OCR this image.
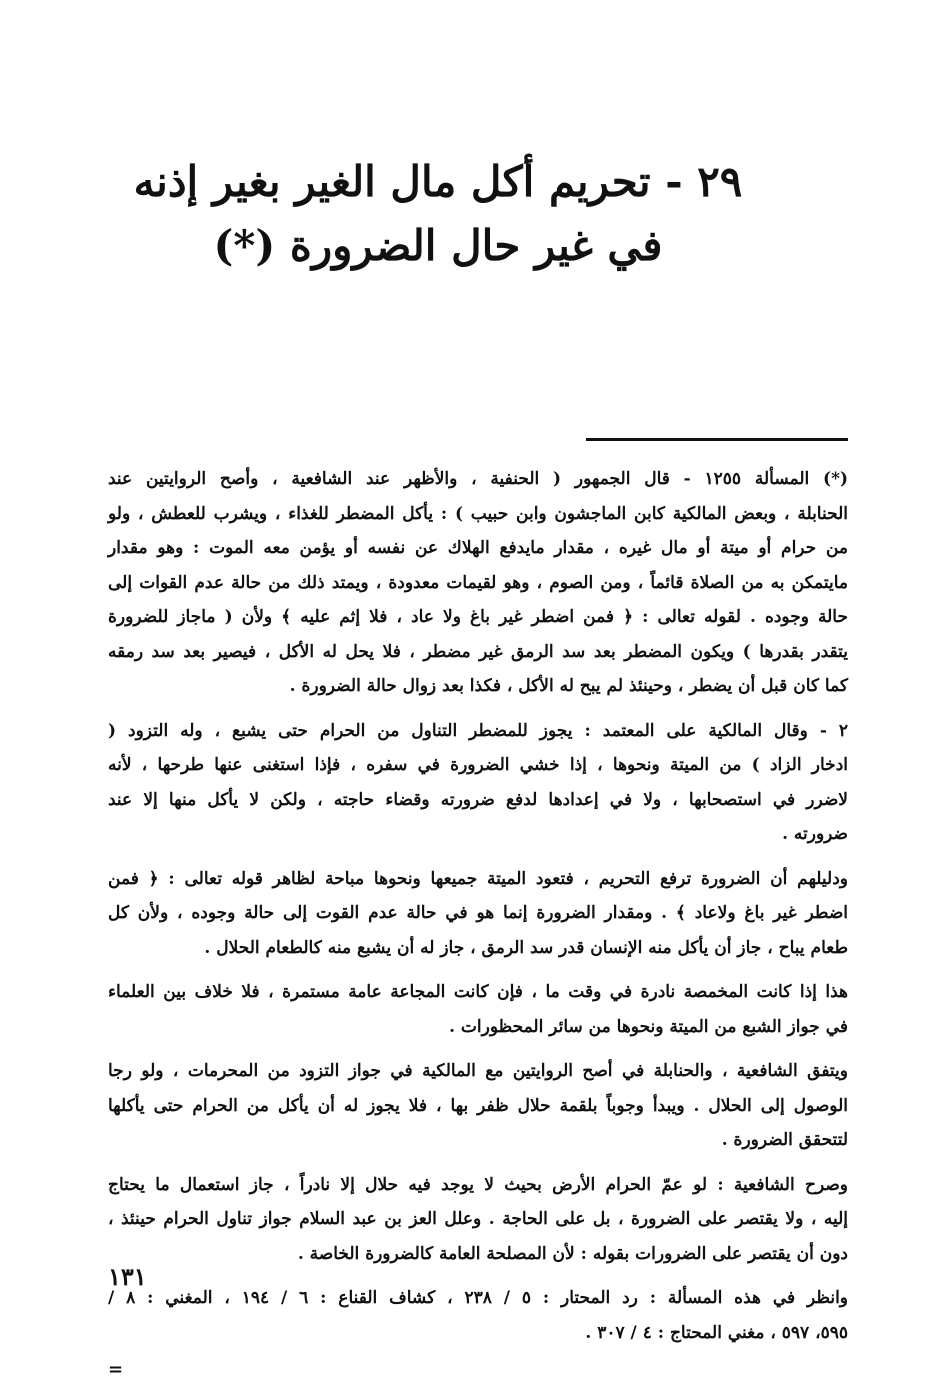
٢٩ - تحريم أكل مال الغير بغير إذنه
في غير حال الضرورة (*)

(*) المسألة ١٢٥٥ - قال الجمهور ( الحنفية ، والأظهر عند الشافعية ، وأصح الروايتين عند
الحنابلة ، وبعض المالكية كابن الماجشون وابن حبيب ) : يأكل المضطر للغذاء ، ويشرب للعطش ، ولو
من حرام أو ميتة أو مال غيره ، مقدار مايدفع الهلاك عن نفسه أو يؤمن معه الموت : وهو مقدار
مايتمكن به من الصلاة قائماً ، ومن الصوم ، وهو لقيمات معدودة ، ويمتد ذلك من حالة عدم القوات إلى
حالة وجوده . لقوله تعالى : ﴿ فمن اضطر غير باغ ولا عاد ، فلا إثم عليه ﴾ ولأن ( ماجاز للضرورة
يتقدر بقدرها ) ويكون المضطر بعد سد الرمق غير مضطر ، فلا يحل له الأكل ، فيصير بعد سد رمقه
كما كان قبل أن يضطر ، وحينئذ لم يبح له الأكل ، فكذا بعد زوال حالة الضرورة .

٢ - وقال المالكية على المعتمد : يجوز للمضطر التناول من الحرام حتى يشبع ، وله التزود (
ادخار الزاد ) من الميتة ونحوها ، إذا خشي الضرورة في سفره ، فإذا استغنى عنها طرحها ، لأنه
لاضرر في استصحابها ، ولا في إعدادها لدفع ضرورته وقضاء حاجته ، ولكن لا يأكل منها إلا عند
ضرورته .

ودليلهم أن الضرورة ترفع التحريم ، فتعود الميتة جميعها ونحوها مباحة لظاهر قوله تعالى : ﴿ فمن
اضطر غير باغ ولاعاد ﴾ . ومقدار الضرورة إنما هو في حالة عدم القوت إلى حالة وجوده ، ولأن كل
طعام يباح ، جاز أن يأكل منه الإنسان قدر سد الرمق ، جاز له أن يشبع منه كالطعام الحلال .

هذا إذا كانت المخمصة نادرة في وقت ما ، فإن كانت المجاعة عامة مستمرة ، فلا خلاف بين العلماء
في جواز الشبع من الميتة ونحوها من سائر المحظورات .

ويتفق الشافعية ، والحنابلة في أصح الروايتين مع المالكية في جواز التزود من المحرمات ، ولو رجا
الوصول إلى الحلال . ويبدأ وجوباً بلقمة حلال ظفر بها ، فلا يجوز له أن يأكل من الحرام حتى يأكلها
لتتحقق الضرورة .

وصرح الشافعية : لو عمّ الحرام الأرض بحيث لا يوجد فيه حلال إلا نادراً ، جاز استعمال ما يحتاج
إليه ، ولا يقتصر على الضرورة ، بل على الحاجة . وعلل العز بن عبد السلام جواز تناول الحرام حينئذ ،
دون أن يقتصر على الضرورات بقوله : لأن المصلحة العامة كالضرورة الخاصة .

وانظر في هذه المسألة : رد المحتار : ٥ / ٢٣٨ ، كشاف القناع : ٦ / ١٩٤ ، المغني : ٨ /
٥٩٥، ٥٩٧ ، مغني المحتاج : ٤ / ٣٠٧ .

=
١٣١
